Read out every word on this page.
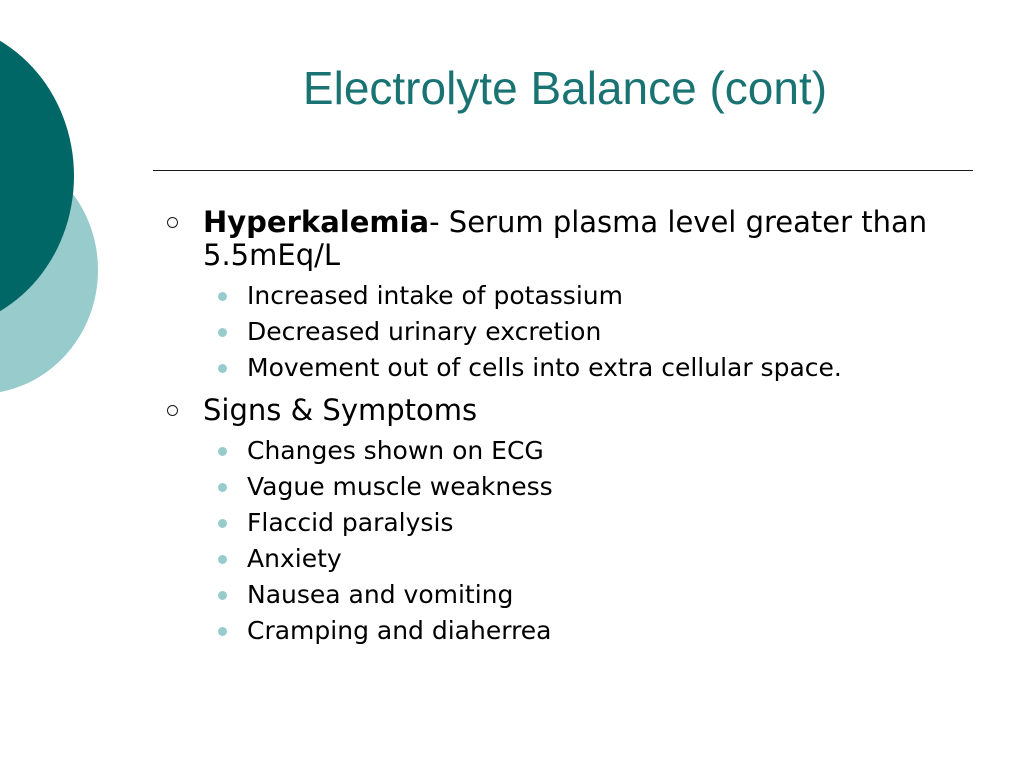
Electrolyte Balance (cont)
Hyperkalemia- Serum plasma level greater than 5.5mEq/L
Increased intake of potassium
Decreased urinary excretion
Movement out of cells into extra cellular space.
Signs & Symptoms
Changes shown on ECG
Vague muscle weakness
Flaccid paralysis
Anxiety
Nausea and vomiting
Cramping and diaherrea
